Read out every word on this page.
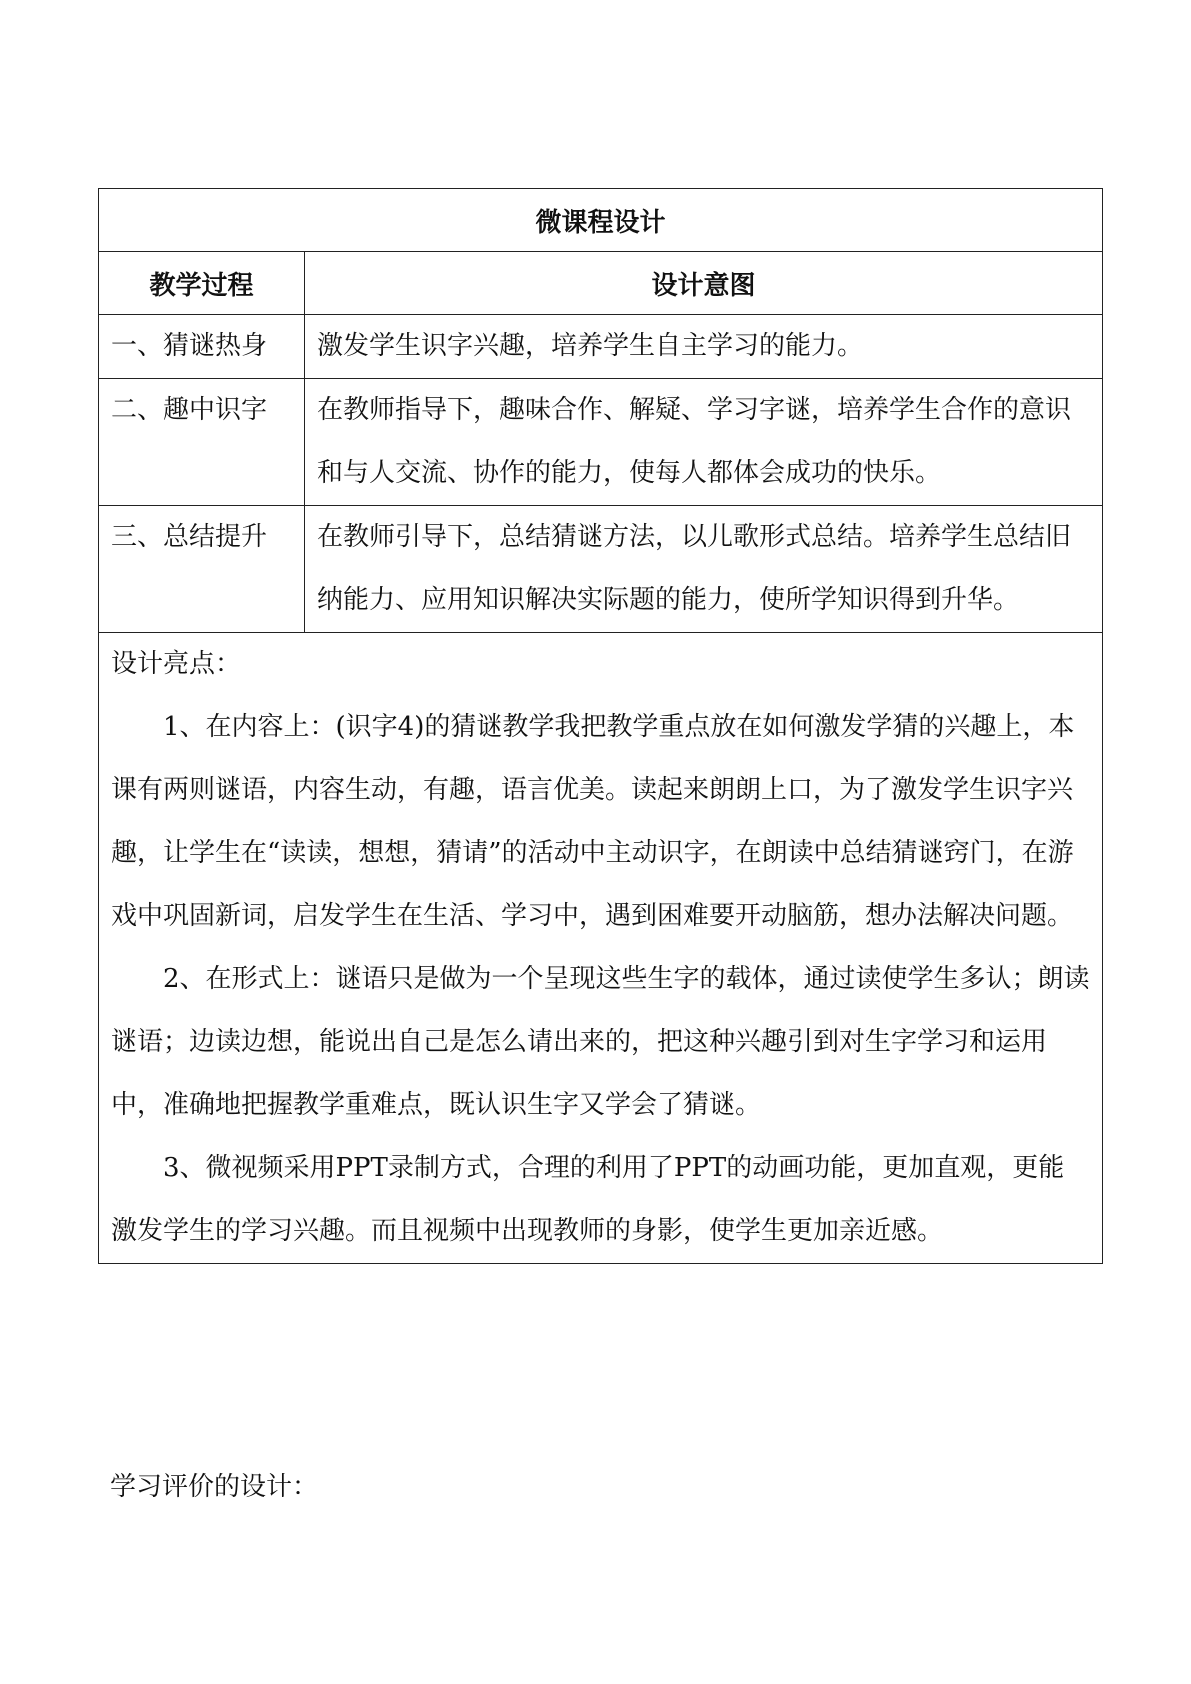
微课程设计	
教学过程	设计意图
一、猜谜热身	激发学生识字兴趣，培养学生自主学习的能力。
二、趣中识字	在教师指导下，趣味合作、解疑、学习字谜，培养学生合作的意识和与人交流、协作的能力，使每人都体会成功的快乐。
三、总结提升	在教师引导下，总结猜谜方法，以儿歌形式总结。培养学生总结旧纳能力、应用知识解决实际题的能力，使所学知识得到升华。

设计亮点：

1、在内容上：(识字4)的猜谜教学我把教学重点放在如何激发学猜的兴趣上，本课有两则谜语，内容生动，有趣，语言优美。读起来朗朗上口，为了激发学生识字兴趣，让学生在“读读，想想，猜请”的活动中主动识字，在朗读中总结猜谜窍门，在游戏中巩固新词，启发学生在生活、学习中，遇到困难要开动脑筋，想办法解决问题。

2、在形式上：谜语只是做为一个呈现这些生字的载体，通过读使学生多认；朗读谜语；边读边想，能说出自己是怎么请出来的，把这种兴趣引到对生字学习和运用中，准确地把握教学重难点，既认识生字又学会了猜谜。

3、微视频采用PPT录制方式，合理的利用了PPT的动画功能，更加直观，更能激发学生的学习兴趣。而且视频中出现教师的身影，使学生更加亲近感。	

学习评价的设计：
